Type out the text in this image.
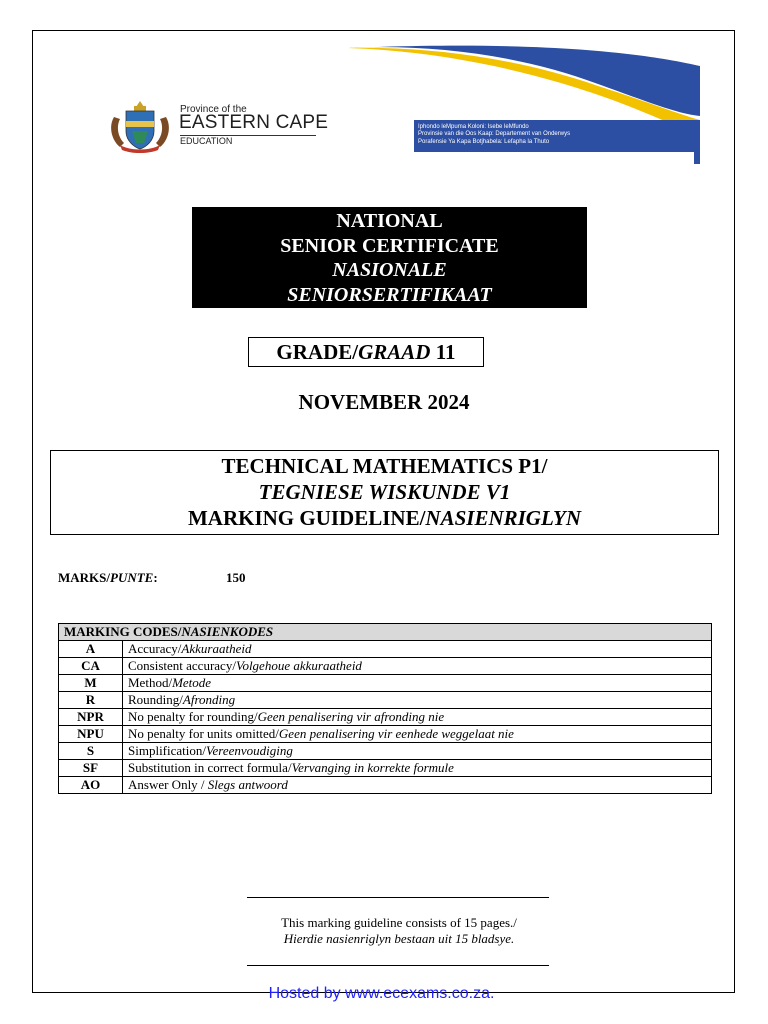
Province of the
EASTERN CAPE
EDUCATION
Iphondo leMpuma Koloni: Isebe leMfundo
Provinsie van die Oos Kaap: Departement van Onderwys
Porafensie Ya Kapa Botjhabela: Lefapha la Thuto
NATIONAL
SENIOR CERTIFICATE
NASIONALE
SENIORSERTIFIKAAT
GRADE/GRAAD 11
NOVEMBER 2024
TECHNICAL MATHEMATICS P1/
TEGNIESE WISKUNDE V1
MARKING GUIDELINE/NASIENRIGLYN
MARKS/PUNTE:	150
MARKING CODES/NASIENKODES	
A	Accuracy/Akkuraatheid
CA	Consistent accuracy/Volgehoue akkuraatheid
M	Method/Metode
R	Rounding/Afronding
NPR	No penalty for rounding/Geen penalisering vir afronding nie
NPU	No penalty for units omitted/Geen penalisering vir eenhede weggelaat nie
S	Simplification/Vereenvoudiging
SF	Substitution in correct formula/Vervanging in korrekte formule
AO	Answer Only / Slegs antwoord
This marking guideline consists of 15 pages./
Hierdie nasienriglyn bestaan uit 15 bladsye.
Hosted by www.ecexams.co.za.
